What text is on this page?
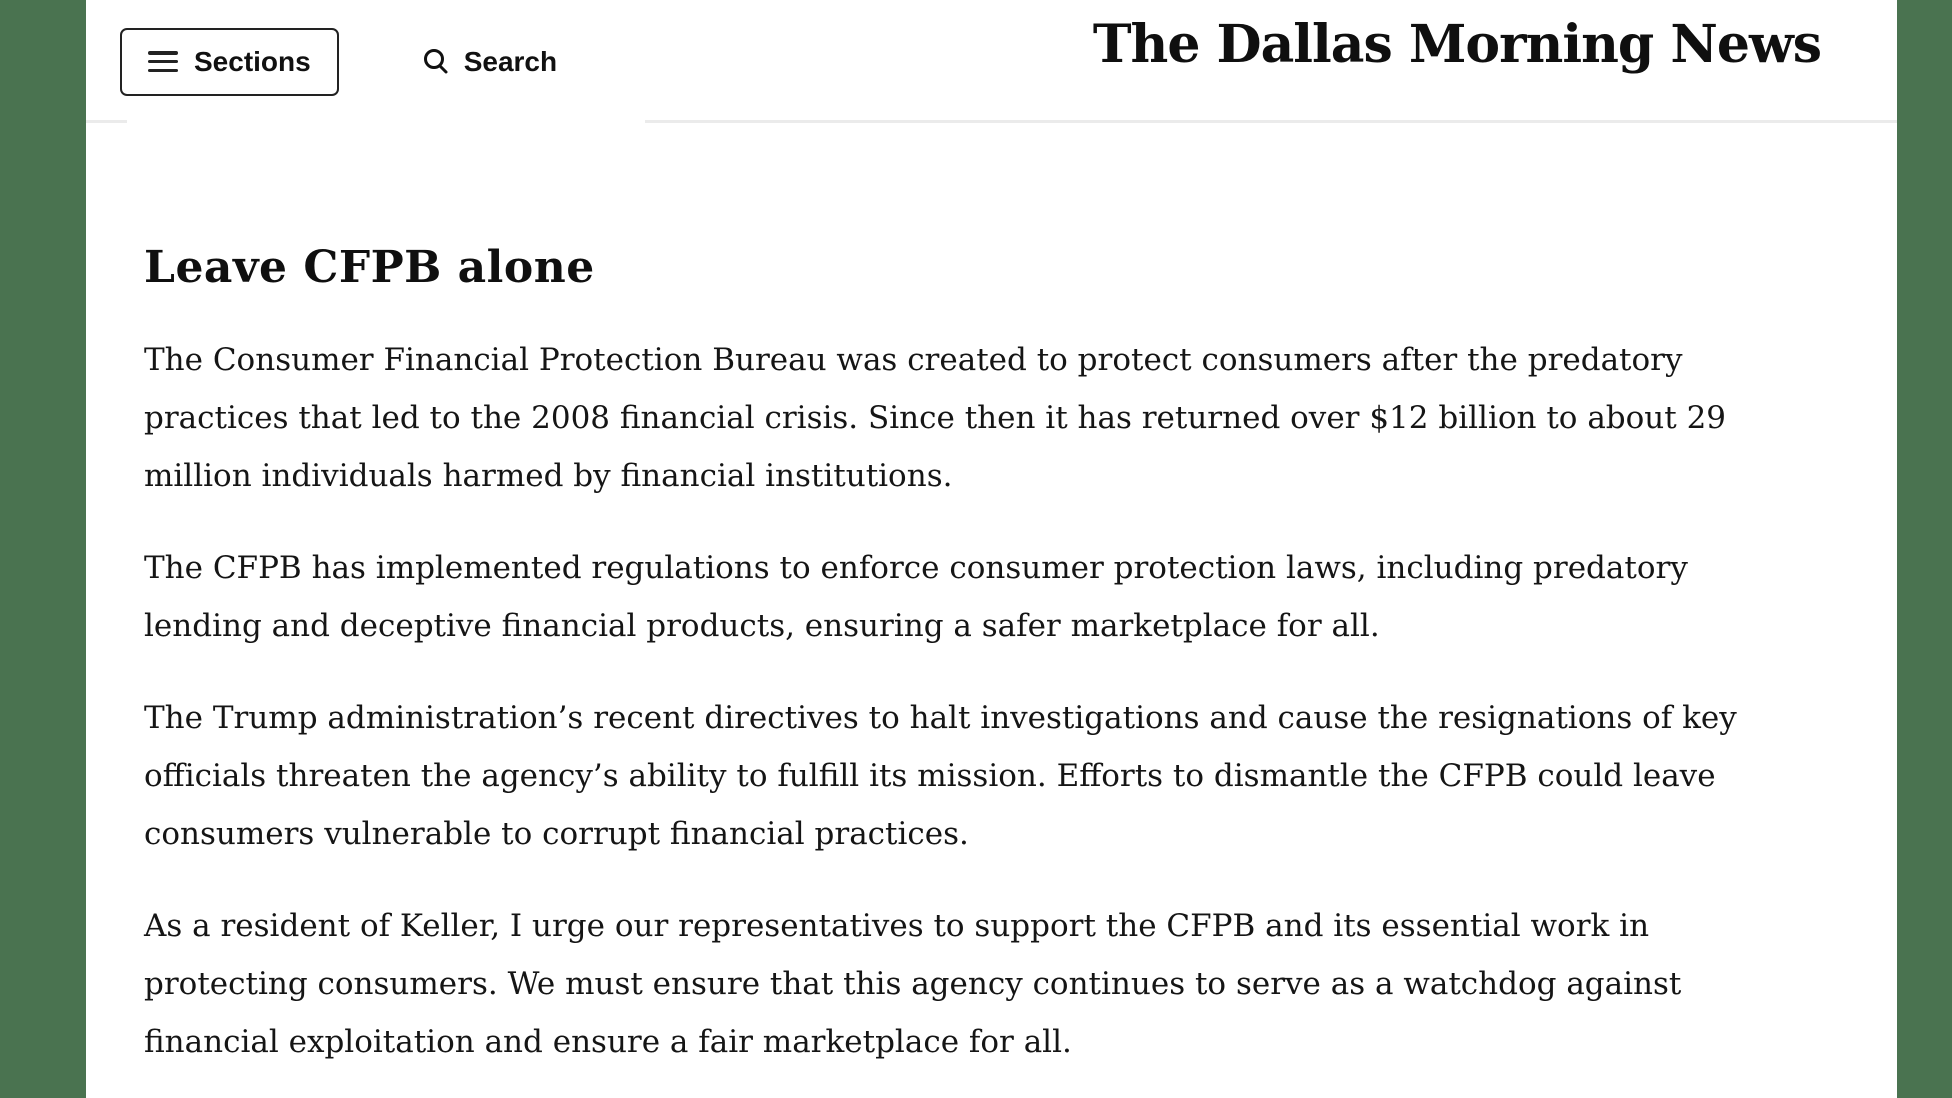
Sections	Search	The Dallas Morning News
Leave CFPB alone

The Consumer Financial Protection Bureau was created to protect consumers after the predatory practices that led to the 2008 financial crisis. Since then it has returned over $12 billion to about 29 million individuals harmed by financial institutions.

The CFPB has implemented regulations to enforce consumer protection laws, including predatory lending and deceptive financial products, ensuring a safer marketplace for all.

The Trump administration’s recent directives to halt investigations and cause the resignations of key officials threaten the agency’s ability to fulfill its mission. Efforts to dismantle the CFPB could leave consumers vulnerable to corrupt financial practices.

As a resident of Keller, I urge our representatives to support the CFPB and its essential work in protecting consumers. We must ensure that this agency continues to serve as a watchdog against financial exploitation and ensure a fair marketplace for all.
